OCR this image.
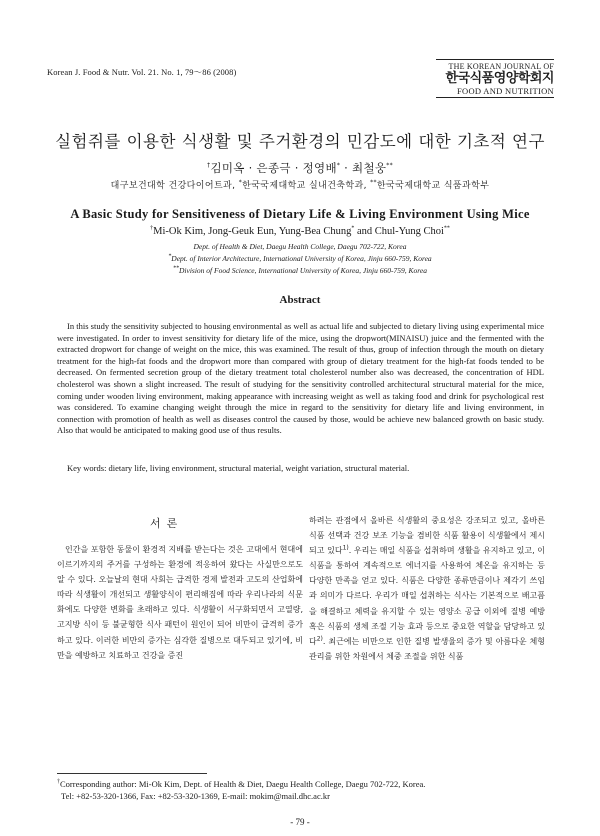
Korean J. Food & Nutr. Vol. 21. No. 1, 79～86 (2008)
THE KOREAN JOURNAL OF
한국식품영양학회지
FOOD AND NUTRITION
실험쥐를 이용한 식생활 및 주거환경의 민감도에 대한 기초적 연구
†김미옥 · 은종극 · 정영배* · 최철웅**
대구보건대학 건강다이어트과, *한국국제대학교 실내건축학과, **한국국제대학교 식품과학부
A Basic Study for Sensitiveness of Dietary Life & Living Environment Using Mice
†Mi-Ok Kim, Jong-Geuk Eun, Yung-Bea Chung* and Chul-Yung Choi**
Dept. of Health & Diet, Daegu Health College, Daegu 702-722, Korea
*Dept. of Interior Architecture, International University of Korea, Jinju 660-759, Korea
**Division of Food Science, International University of Korea, Jinju 660-759, Korea
Abstract

In this study the sensitivity subjected to housing environmental as well as actual life and subjected to dietary living using experimental mice were investigated. In order to invest sensitivity for dietary life of the mice, using the dropwort(MINAISU) juice and the fermented with the extracted dropwort for change of weight on the mice, this was examined. The result of thus, group of infection through the mouth on dietary treatment for the high-fat foods and the dropwort more than compared with group of dietary treatment for the high-fat foods tended to be decreased. On fermented secretion group of the dietary treatment total cholesterol number also was decreased, the concentration of HDL cholesterol was shown a slight increased. The result of studying for the sensitivity controlled architectural structural material for the mice, coming under wooden living environment, making appearance with increasing weight as well as taking food and drink for psychological rest was considered. To examine changing weight through the mice in regard to the sensitivity for dietary life and living environment, in connection with promotion of health as well as diseases control the caused by those, would be achieve new balanced growth on basic study. Also that would be anticipated to making good use of thus results.

Key words: dietary life, living environment, structural material, weight variation, structural material.
서론

인간을 포함한 동물이 환경적 지배를 받는다는 것은 고대에서 현대에 이르기까지의 주거를 구성하는 환경에 적응하여 왔다는 사실만으로도 알 수 있다. 오늘날의 현대 사회는 급격한 경제 발전과 고도의 산업화에 따라 식생활이 개선되고 생활양식이 편리해짐에 따라 우리나라의 식문화에도 다양한 변화를 초래하고 있다. 식생활이 서구화되면서 고열량, 고지방 식이 등 불균형한 식사 패턴이 원인이 되어 비만이 급격히 증가하고 있다. 이러한 비만의 증가는 심각한 질병으로 대두되고 있기에, 비만을 예방하고 치료하고 건강을 증진

하려는 관점에서 올바른 식생활의 중요성은 강조되고 있고, 올바른 식품 선택과 건강 보조 기능을 겸비한 식품 활용이 식생활에서 제시되고 있다$^{1)}$. 우리는 매일 식품을 섭취하며 생활을 유지하고 있고, 이 식품을 통하여 계속적으로 에너지를 사용하여 체온을 유지하는 등 다양한 만족을 얻고 있다. 식품은 다양한 종류만큼이나 제각기 쓰임과 의미가 다르다. 우리가 매일 섭취하는 식사는 기본적으로 배고픔을 해결하고 체력을 유지할 수 있는 영양소 공급 이외에 질병 예방 혹은 식품의 생체 조절 기능 효과 등으로 중요한 역할을 담당하고 있다$^{2)}$. 최근에는 비만으로 인한 질병 발생율의 증가 및 아름다운 체형 관리를 위한 차원에서 체중 조절을 위한 식품

†Corresponding author: Mi-Ok Kim, Dept. of Health & Diet, Daegu Health College, Daegu 702-722, Korea.
Tel: +82-53-320-1366, Fax: +82-53-320-1369, E-mail: mokim@mail.dhc.ac.kr
- 79 -
